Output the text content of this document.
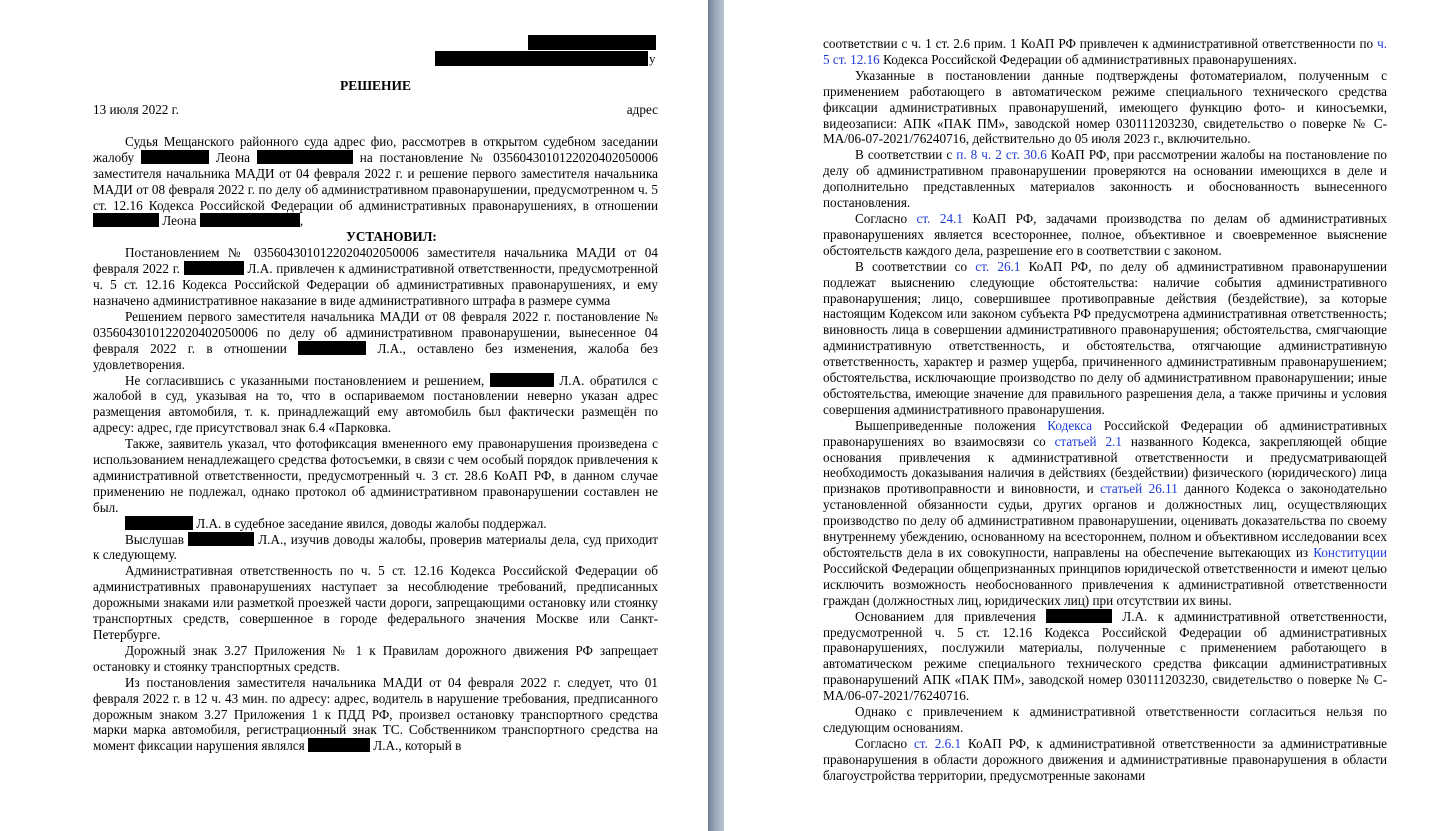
у
РЕШЕНИЕ
13 июля 2022 г.	адрес

Судья Мещанского районного суда адрес фио, рассмотрев в открытом судебном заседании жалобу	Леона	на постановление № 0356043010122020402050006 заместителя начальника МАДИ от 04 февраля 2022 г. и решение первого заместителя начальника МАДИ от 08 февраля 2022 г. по делу об административном правонарушении, предусмотренном ч. 5 ст. 12.16 Кодекса Российской Федерации об административных правонарушениях, в отношении  Леона	,

УСТАНОВИЛ:

Постановлением № 0356043010122020402050006 заместителя начальника МАДИ от 04 февраля 2022 г.	Л.А. привлечен к административной ответственности, предусмотренной ч. 5 ст. 12.16 Кодекса Российской Федерации об административных правонарушениях, и ему назначено административное наказание в виде административного штрафа в размере сумма

Решением первого заместителя начальника МАДИ от 08 февраля 2022 г. постановление № 0356043010122020402050006 по делу об административном правонарушении, вынесенное 04 февраля 2022 г. в отношении	Л.А., оставлено без изменения, жалоба без удовлетворения.

Не согласившись с указанными постановлением и решением,	Л.А. обратился с жалобой в суд, указывая на то, что в оспариваемом постановлении неверно указан адрес размещения автомобиля, т. к. принадлежащий ему автомобиль был фактически размещён по адресу: адрес, где присутствовал знак 6.4 «Парковка.

Также, заявитель указал, что фотофиксация вмененного ему правонарушения произведена с использованием ненадлежащего средства фотосъемки, в связи с чем особый порядок привлечения к административной ответственности, предусмотренный ч. 3 ст. 28.6 КоАП РФ, в данном случае применению не подлежал, однако протокол об административном правонарушении составлен не был.

Л.А. в судебное заседание явился, доводы жалобы поддержал.

Выслушав	Л.А., изучив доводы жалобы, проверив материалы дела, суд приходит к следующему.

Административная ответственность по ч. 5 ст. 12.16 Кодекса Российской Федерации об административных правонарушениях наступает за несоблюдение требований, предписанных дорожными знаками или разметкой проезжей части дороги, запрещающими остановку или стоянку транспортных средств, совершенное в городе федерального значения Москве или Санкт-Петербурге.

Дорожный знак 3.27 Приложения № 1 к Правилам дорожного движения РФ запрещает остановку и стоянку транспортных средств.

Из постановления заместителя начальника МАДИ от 04 февраля 2022 г. следует, что 01 февраля 2022 г. в 12 ч. 43 мин. по адресу: адрес, водитель в нарушение требования, предписанного дорожным знаком 3.27 Приложения 1 к ПДД РФ, произвел остановку транспортного средства марки марка автомобиля, регистрационный знак ТС. Собственником транспортного средства на момент фиксации нарушения являлся	Л.А., который в

соответствии с ч. 1 ст. 2.6 прим. 1 КоАП РФ привлечен к административной ответственности по ч. 5 ст. 12.16 Кодекса Российской Федерации об административных правонарушениях.

Указанные в постановлении данные подтверждены фотоматериалом, полученным с применением работающего в автоматическом режиме специального технического средства фиксации административных правонарушений, имеющего функцию фото- и киносъемки, видеозаписи: АПК «ПАК ПМ», заводской номер 030111203230, свидетельство о поверке № С-МА/06-07-2021/76240716, действительно до 05 июля 2023 г., включительно.

В соответствии с п. 8 ч. 2 ст. 30.6 КоАП РФ, при рассмотрении жалобы на постановление по делу об административном правонарушении проверяются на основании имеющихся в деле и дополнительно представленных материалов законность и обоснованность вынесенного постановления.

Согласно ст. 24.1 КоАП РФ, задачами производства по делам об административных правонарушениях является всестороннее, полное, объективное и своевременное выяснение обстоятельств каждого дела, разрешение его в соответствии с законом.

В соответствии со ст. 26.1 КоАП РФ, по делу об административном правонарушении подлежат выяснению следующие обстоятельства: наличие события административного правонарушения; лицо, совершившее противоправные действия (бездействие), за которые настоящим Кодексом или законом субъекта РФ предусмотрена административная ответственность; виновность лица в совершении административного правонарушения; обстоятельства, смягчающие административную ответственность, и обстоятельства, отягчающие административную ответственность, характер и размер ущерба, причиненного административным правонарушением; обстоятельства, исключающие производство по делу об административном правонарушении; иные обстоятельства, имеющие значение для правильного разрешения дела, а также причины и условия совершения административного правонарушения.

Вышеприведенные положения Кодекса Российской Федерации об административных правонарушениях во взаимосвязи со статьей 2.1 названного Кодекса, закрепляющей общие основания привлечения к административной ответственности и предусматривающей необходимость доказывания наличия в действиях (бездействии) физического (юридического) лица признаков противоправности и виновности, и статьей 26.11 данного Кодекса о законодательно установленной обязанности судьи, других органов и должностных лиц, осуществляющих производство по делу об административном правонарушении, оценивать доказательства по своему внутреннему убеждению, основанному на всестороннем, полном и объективном исследовании всех обстоятельств дела в их совокупности, направлены на обеспечение вытекающих из Конституции Российской Федерации общепризнанных принципов юридической ответственности и имеют целью исключить возможность необоснованного привлечения к административной ответственности граждан (должностных лиц, юридических лиц) при отсутствии их вины.

Основанием для привлечения	Л.А. к административной ответственности, предусмотренной ч. 5 ст. 12.16 Кодекса Российской Федерации об административных правонарушениях, послужили материалы, полученные с применением работающего в автоматическом режиме специального технического средства фиксации административных правонарушений АПК «ПАК ПМ», заводской номер 030111203230, свидетельство о поверке № С-МА/06-07-2021/76240716.

Однако с привлечением к административной ответственности согласиться нельзя по следующим основаниям.

Согласно ст. 2.6.1 КоАП РФ, к административной ответственности за административные правонарушения в области дорожного движения и административные правонарушения в области благоустройства территории, предусмотренные законами
